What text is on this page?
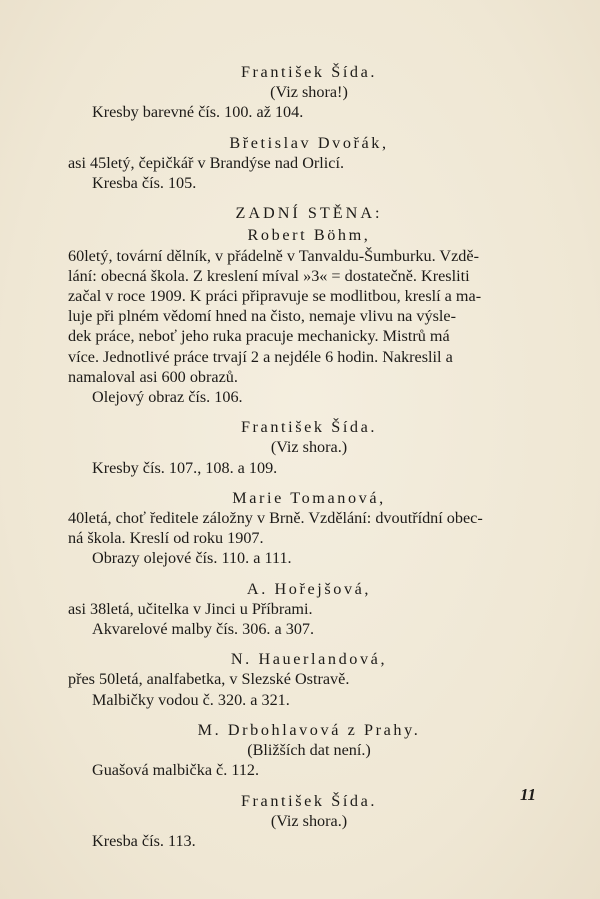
František Šída.
(Viz shora!)
Kresby barevné čís. 100. až 104.
Břetislav Dvořák,
asi 45letý, čepičkář v Brandýse nad Orlicí.
Kresba čís. 105.
ZADNÍ STĚNA:
Robert Böhm,
60letý, tovární dělník, v přádelně v Tanvaldu-Šumburku. Vzdě-
lání: obecná škola. Z kreslení míval »3« = dostatečně. Kresliti
začal v roce 1909. K práci připravuje se modlitbou, kreslí a ma-
luje při plném vědomí hned na čisto, nemaje vlivu na výsle-
dek práce, neboť jeho ruka pracuje mechanicky. Mistrů má
více. Jednotlivé práce trvají 2 a nejdéle 6 hodin. Nakreslil a
namaloval asi 600 obrazů.
Olejový obraz čís. 106.
František Šída.
(Viz shora.)
Kresby čís. 107., 108. a 109.
Marie Tomanová,
40letá, choť ředitele záložny v Brně. Vzdělání: dvoutřídní obec-
ná škola. Kreslí od roku 1907.
Obrazy olejové čís. 110. a 111.
A. Hořejšová,
asi 38letá, učitelka v Jinci u Příbrami.
Akvarelové malby čís. 306. a 307.
N. Hauerlandová,
přes 50letá, analfabetka, v Slezské Ostravě.
Malbičky vodou č. 320. a 321.
M. Drbohlavová z Prahy.
(Bližších dat není.)
Guašová malbička č. 112.
František Šída.
(Viz shora.)
Kresba čís. 113.
11
